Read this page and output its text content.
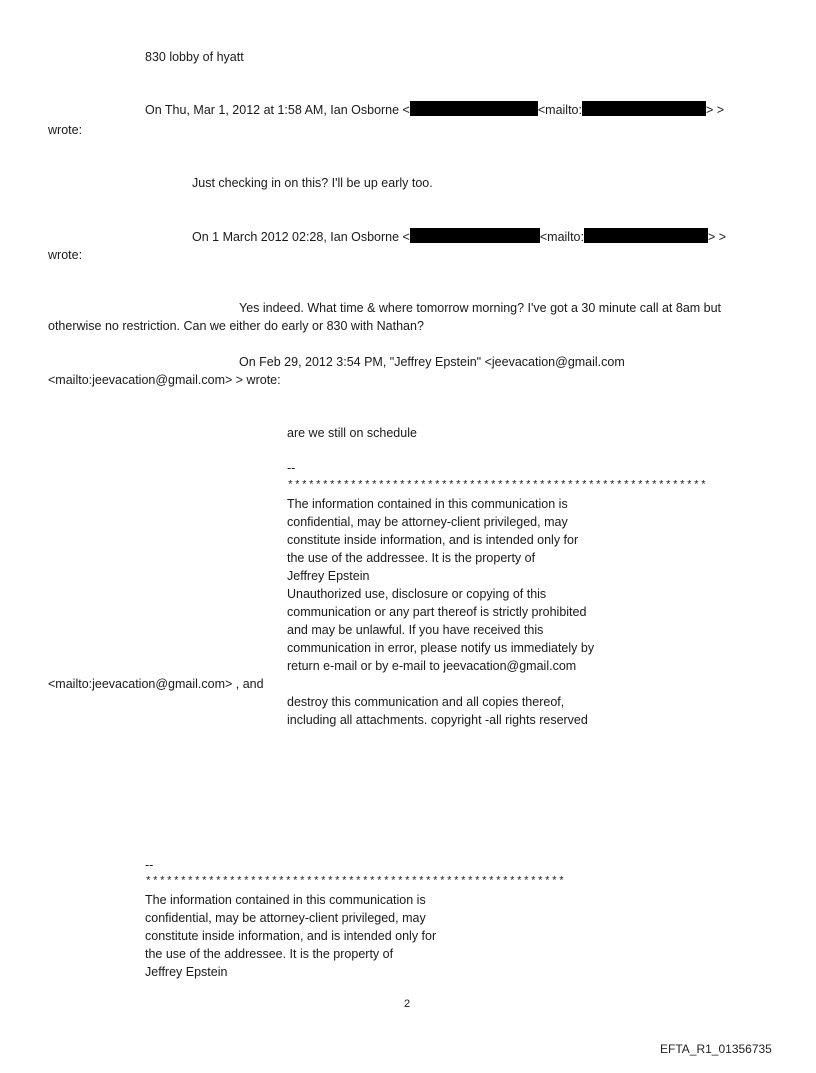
830 lobby of hyatt
On Thu, Mar 1, 2012 at 1:58 AM, Ian Osborne <	<mailto:	> >
wrote:
Just checking in on this? I'll be up early too.
On 1 March 2012 02:28, Ian Osborne <	<mailto:	> >
wrote:
Yes indeed. What time & where tomorrow morning? I've got a 30 minute call at 8am but
otherwise no restriction. Can we either do early or 830 with Nathan?
On Feb 29, 2012 3:54 PM, "Jeffrey Epstein" <jeevacation@gmail.com
<mailto:jeevacation@gmail.com> > wrote:
are we still on schedule
--
************************************************************
The information contained in this communication is
confidential, may be attorney-client privileged, may
constitute inside information, and is intended only for
the use of the addressee. It is the property of
Jeffrey Epstein
Unauthorized use, disclosure or copying of this
communication or any part thereof is strictly prohibited
and may be unlawful. If you have received this
communication in error, please notify us immediately by
return e-mail or by e-mail to jeevacation@gmail.com
<mailto:jeevacation@gmail.com> , and
destroy this communication and all copies thereof,
including all attachments. copyright -all rights reserved
--
************************************************************
The information contained in this communication is
confidential, may be attorney-client privileged, may
constitute inside information, and is intended only for
the use of the addressee. It is the property of
Jeffrey Epstein
2
EFTA_R1_01356735
